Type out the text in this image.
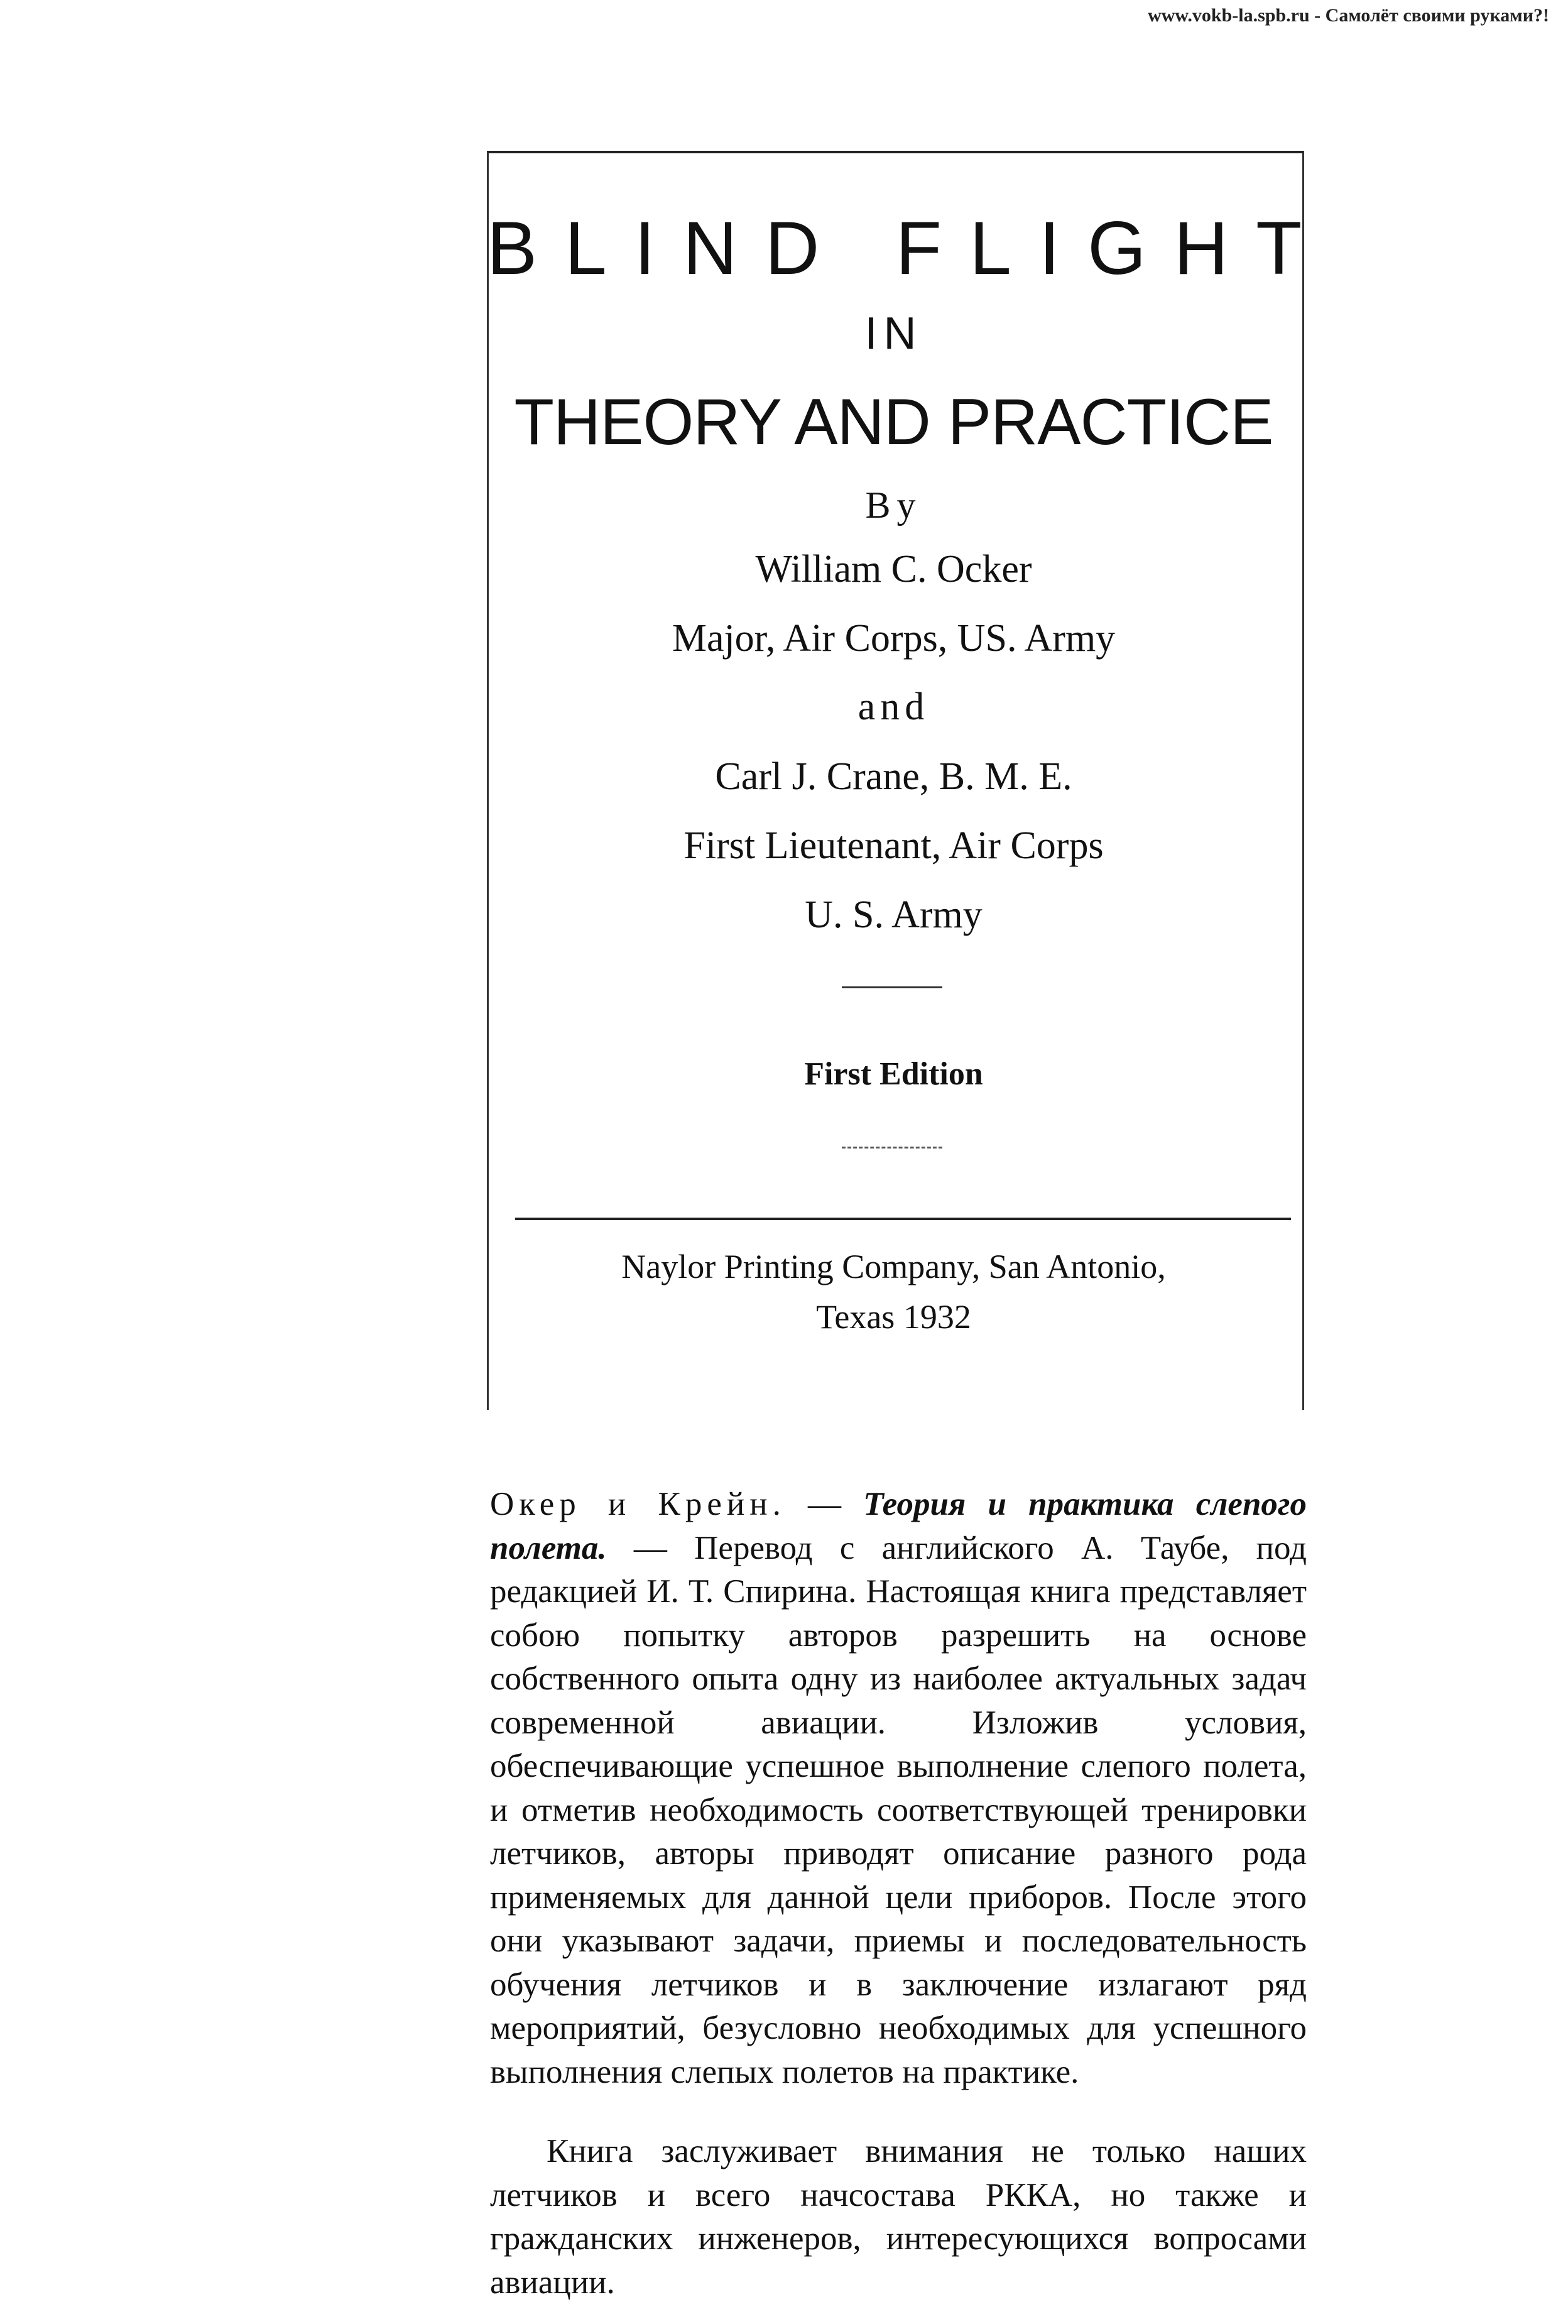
www.vokb-la.spb.ru - Самолёт своими руками?!
BLIND FLIGHT
IN
THEORY AND PRACTICE
By
William C. Ocker
Major, Air Corps, US. Army
and
Carl J. Crane, B. M. E.
First Lieutenant, Air Corps
U. S. Army
First Edition
Naylor Printing Company, San Antonio,
Texas 1932

Окер и Крейн. — Теория и практика слепого полета. — Перевод с английского А. Таубе, под редакцией И. Т. Спирина. Настоящая книга представляет собою попытку авторов разрешить на основе собственного опыта одну из наиболее актуальных задач современной авиации. Изложив условия, обеспечивающие успешное выполнение слепого полета, и отметив необходимость соответствующей тренировки летчиков, авторы приводят описание разного рода применяемых для данной цели приборов. После этого они указывают задачи, приемы и последовательность обучения летчиков и в заключение излагают ряд мероприятий, безусловно необходимых для успешного выполнения слепых полетов на практике.

Книга заслуживает внимания не только наших летчиков и всего начсостава РККА, но также и гражданских инженеров, интересующихся вопросами авиации.
